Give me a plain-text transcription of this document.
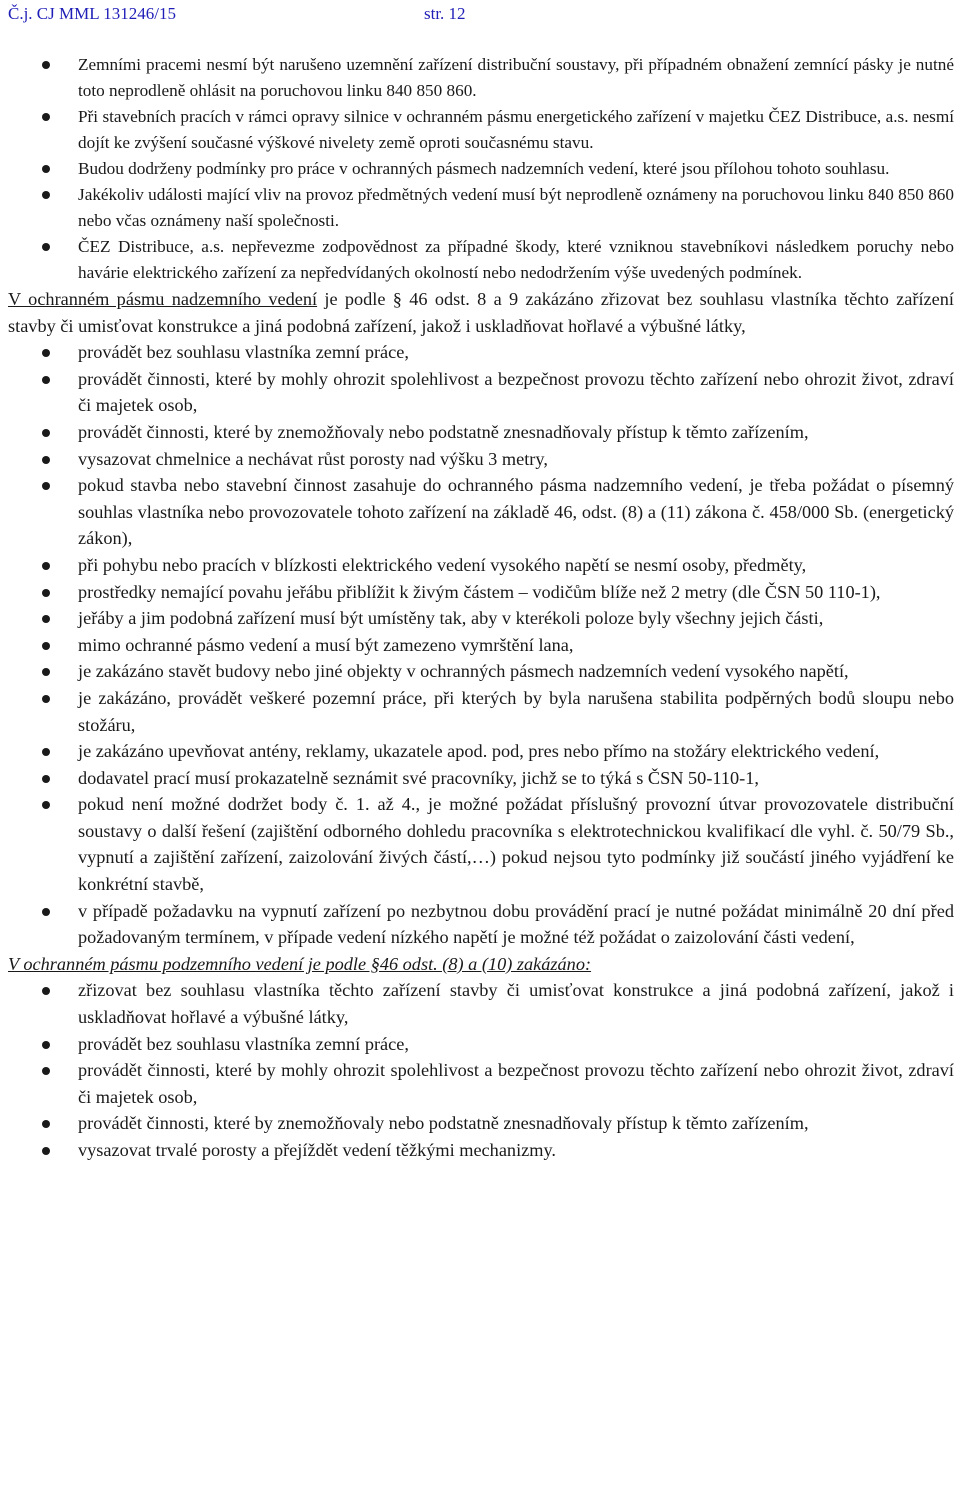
Č.j. CJ MML 131246/15	str. 12
Zemními pracemi nesmí být narušeno uzemnění zařízení distribuční soustavy, při případném obnažení zemnící pásky je nutné toto neprodleně ohlásit na poruchovou linku 840 850 860.
Při stavebních pracích v rámci opravy silnice v ochranném pásmu energetického zařízení v majetku ČEZ Distribuce, a.s. nesmí dojít ke zvýšení současné výškové nivelety země oproti současnému stavu.
Budou dodrženy podmínky pro práce v ochranných pásmech nadzemních vedení, které jsou přílohou tohoto souhlasu.
Jakékoliv události mající vliv na provoz předmětných vedení musí být neprodleně oznámeny na poruchovou linku 840 850 860 nebo včas oznámeny naší společnosti.
ČEZ Distribuce, a.s. nepřevezme zodpovědnost za případné škody, které vzniknou stavebníkovi následkem poruchy nebo havárie elektrického zařízení za nepředvídaných okolností nebo nedodržením výše uvedených podmínek.

V ochranném pásmu nadzemního vedení je podle § 46 odst. 8 a 9 zakázáno zřizovat bez souhlasu vlastníka těchto zařízení stavby či umisťovat konstrukce a jiná podobná zařízení, jakož i uskladňovat hořlavé a výbušné látky,

provádět bez souhlasu vlastníka zemní práce,
provádět činnosti, které by mohly ohrozit spolehlivost a bezpečnost provozu těchto zařízení nebo ohrozit život, zdraví či majetek osob,
provádět činnosti, které by znemožňovaly nebo podstatně znesnadňovaly přístup k těmto zařízením,
vysazovat chmelnice a nechávat růst porosty nad výšku 3 metry,
pokud stavba nebo stavební činnost zasahuje do ochranného pásma nadzemního vedení, je třeba požádat o písemný souhlas vlastníka nebo provozovatele tohoto zařízení na základě 46, odst. (8) a (11) zákona č. 458/000 Sb. (energetický zákon),
při pohybu nebo pracích v blízkosti elektrického vedení vysokého napětí se nesmí osoby, předměty,
prostředky nemající povahu jeřábu přiblížit k živým částem – vodičům blíže než 2 metry (dle ČSN 50 110-1),
jeřáby a jim podobná zařízení musí být umístěny tak, aby v kterékoli poloze byly všechny jejich části,
mimo ochranné pásmo vedení a musí být zamezeno vymrštění lana,
je zakázáno stavět budovy nebo jiné objekty v ochranných pásmech nadzemních vedení vysokého napětí,
je zakázáno, provádět veškeré pozemní práce, při kterých by byla narušena stabilita podpěrných bodů sloupu nebo stožáru,
je zakázáno upevňovat antény, reklamy, ukazatele apod. pod, pres nebo přímo na stožáry elektrického vedení,
dodavatel prací musí prokazatelně seznámit své pracovníky, jichž se to týká s ČSN 50-110-1,
pokud není možné dodržet body č. 1. až 4., je možné požádat příslušný provozní útvar provozovatele distribuční soustavy o další řešení (zajištění odborného dohledu pracovníka s elektrotechnickou kvalifikací dle vyhl. č. 50/79 Sb., vypnutí a zajištění zařízení, zaizolování živých částí,…) pokud nejsou tyto podmínky již součástí jiného vyjádření ke konkrétní stavbě,
v případě požadavku na vypnutí zařízení po nezbytnou dobu provádění prací je nutné požádat minimálně 20 dní před požadovaným termínem, v případe vedení nízkého napětí je možné též požádat o zaizolování části vedení,

V ochranném pásmu podzemního vedení je podle §46 odst. (8) a (10) zakázáno:

zřizovat bez souhlasu vlastníka těchto zařízení stavby či umisťovat konstrukce a jiná podobná zařízení, jakož i uskladňovat hořlavé a výbušné látky,
provádět bez souhlasu vlastníka zemní práce,
provádět činnosti, které by mohly ohrozit spolehlivost a bezpečnost provozu těchto zařízení nebo ohrozit život, zdraví či majetek osob,
provádět činnosti, které by znemožňovaly nebo podstatně znesnadňovaly přístup k těmto zařízením,
vysazovat trvalé porosty a přejíždět vedení těžkými mechanizmy.
